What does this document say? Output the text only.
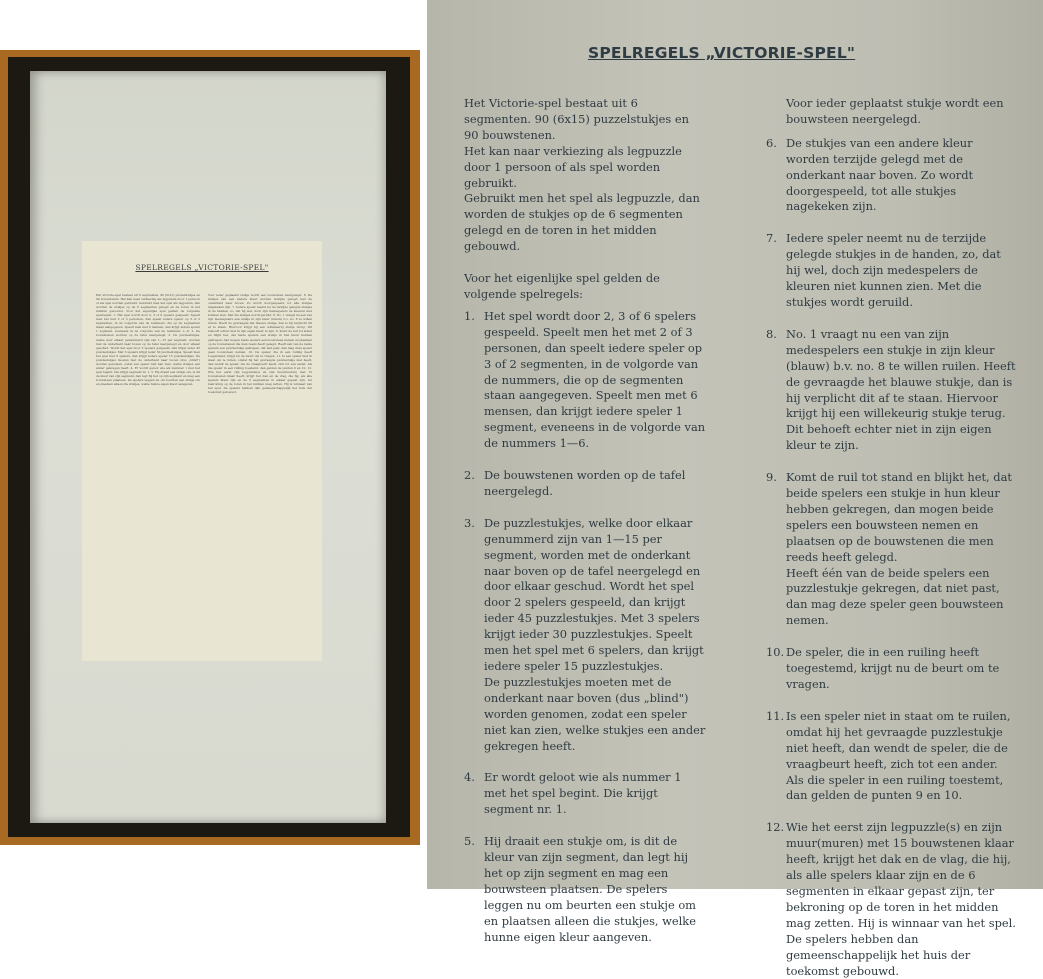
SPELREGELS „VICTORIE-SPEL"
Het Victorie-spel bestaat uit 6 segmenten, 90 (6x15) puzzelstukjes en 90 bouwstenen. Het kan naar verkiezing als legpuzzle door 1 persoon of als spel worden gebruikt. Gebruikt men het spel als legpuzzle, dan worden de stukjes op de 6 segmenten gelegd en de toren in het midden gebouwd. Voor het eigenlijke spel gelden de volgende spelregels: 1. Het spel wordt door 2, 3 of 6 spelers gespeeld. Speelt men het met 2 of 3 personen, dan speelt iedere speler op 3 of 2 segmenten, in de volgorde van de nummers, die op de segmenten staan aangegeven. Speelt men met 6 mensen, dan krijgt iedere speler 1 segment, eveneens in de volgorde van de nummers 1—6. 2. De bouwstenen worden op de tafel neergelegd. 3. De puzzlestukjes, welke door elkaar genummerd zijn van 1—15 per segment, worden met de onderkant naar boven op de tafel neergelegd en door elkaar geschud. Wordt het spel door 2 spelers gespeeld, dan krijgt ieder 45 puzzlestukjes. Met 3 spelers krijgt ieder 30 puzzlestukjes. Speelt men het spel met 6 spelers, dan krijgt iedere speler 15 puzzlestukjes. De puzzlestukjes moeten met de onderkant naar boven (dus „blind") worden genomen, zodat een speler niet kan zien, welke stukjes een ander gekregen heeft. 4. Er wordt geloot wie als nummer 1 met het spel begint. Die krijgt segment nr. 1. 5. Hij draait een stukje om, is dit de kleur van zijn segment, dan legt hij het op zijn segment en mag een bouwsteen plaatsen. De spelers leggen nu om beurten een stukje om en plaatsen alleen die stukjes, welke hunne eigen kleur aangeven.
Voor ieder geplaatst stukje wordt een bouwsteen neergelegd. 6. De stukjes van een andere kleur worden terzijde gelegd met de onderkant naar boven. Zo wordt doorgespeeld, tot alle stukjes nagekeken zijn. 7. Iedere speler neemt nu de terzijde gelegde stukjes in de handen, zo, dat hij wel, doch zijn medespelers de kleuren niet kunnen zien. Met die stukjes wordt geruild. 8. No. 1 vraagt nu een van zijn medespelers een stukje in zijn kleur (blauw) b.v. no. 8 te willen ruilen. Heeft de gevraagde het blauwe stukje, dan is hij verplicht dit af te staan. Hiervoor krijgt hij een willekeurig stukje terug. Dit behoeft echter niet in zijn eigen kleur te zijn. 9. Komt de ruil tot stand en blijkt het, dat beide spelers een stukje in hun kleur hebben gekregen, dan mogen beide spelers een bouwsteen nemen en plaatsen op de bouwstenen die men reeds heeft gelegd. Heeft één van de beide spelers een puzzlestukje gekregen, dat niet past, dan mag deze speler geen bouwsteen nemen. 10. De speler, die in een ruiling heeft toegestemd, krijgt nu de beurt om te vragen. 11. Is een speler niet in staat om te ruilen, omdat hij het gevraagde puzzlestukje niet heeft, dan wendt de speler, die de vraagbeurt heeft, zich tot een ander. Als die speler in een ruiling toestemt, dan gelden de punten 9 en 10. 12. Wie het eerst zijn legpuzzle(s) en zijn muur(muren) met 15 bouwstenen klaar heeft, krijgt het dak en de vlag, die hij, als alle spelers klaar zijn en de 6 segmenten in elkaar gepast zijn, ter bekroning op de toren in het midden mag zetten. Hij is winnaar van het spel. De spelers hebben dan gemeenschappelijk het huis der toekomst gebouwd.
SPELREGELS „VICTORIE-SPEL"

Het Victorie-spel bestaat uit 6 segmenten. 90 (6x15) puzzelstukjes en 90 bouwstenen.

Het kan naar verkiezing als legpuzzle door 1 persoon of als spel worden gebruikt.

Gebruikt men het spel als legpuzzle, dan worden de stukjes op de 6 segmenten gelegd en de toren in het midden gebouwd.

Voor het eigenlijke spel gelden de volgende spelregels:

1. Het spel wordt door 2, 3 of 6 spelers gespeeld. Speelt men het met 2 of 3 personen, dan speelt iedere speler op 3 of 2 segmenten, in de volgorde van de nummers, die op de segmenten staan aangegeven. Speelt men met 6 mensen, dan krijgt iedere speler 1 segment, eveneens in de volgorde van de nummers 1—6.

2. De bouwstenen worden op de tafel neergelegd.

3. De puzzlestukjes, welke door elkaar genummerd zijn van 1—15 per segment, worden met de onderkant naar boven op de tafel neergelegd en door elkaar geschud. Wordt het spel door 2 spelers gespeeld, dan krijgt ieder 45 puzzlestukjes. Met 3 spelers krijgt ieder 30 puzzlestukjes. Speelt men het spel met 6 spelers, dan krijgt iedere speler 15 puzzlestukjes.

De puzzlestukjes moeten met de onderkant naar boven (dus „blind") worden genomen, zodat een speler niet kan zien, welke stukjes een ander gekregen heeft.

4. Er wordt geloot wie als nummer 1 met het spel begint. Die krijgt segment nr. 1.

5. Hij draait een stukje om, is dit de kleur van zijn segment, dan legt hij het op zijn segment en mag een bouwsteen plaatsen. De spelers leggen nu om beurten een stukje om en plaatsen alleen die stukjes, welke hunne eigen kleur aangeven.

Voor ieder geplaatst stukje wordt een bouwsteen neergelegd.

6. De stukjes van een andere kleur worden terzijde gelegd met de onderkant naar boven. Zo wordt doorgespeeld, tot alle stukjes nagekeken zijn.

7. Iedere speler neemt nu de terzijde gelegde stukjes in de handen, zo, dat hij wel, doch zijn medespelers de kleuren niet kunnen zien. Met die stukjes wordt geruild.

8. No. 1 vraagt nu een van zijn medespelers een stukje in zijn kleur (blauw) b.v. no. 8 te willen ruilen. Heeft de gevraagde het blauwe stukje, dan is hij verplicht dit af te staan. Hiervoor krijgt hij een willekeurig stukje terug. Dit behoeft echter niet in zijn eigen kleur te zijn.

9. Komt de ruil tot stand en blijkt het, dat beide spelers een stukje in hun kleur hebben gekregen, dan mogen beide spelers een bouwsteen nemen en plaatsen op de bouwstenen die men reeds heeft gelegd.

Heeft één van de beide spelers een puzzlestukje gekregen, dat niet past, dan mag deze speler geen bouwsteen nemen.

10. De speler, die in een ruiling heeft toegestemd, krijgt nu de beurt om te vragen.

11. Is een speler niet in staat om te ruilen, omdat hij het gevraagde puzzlestukje niet heeft, dan wendt de speler, die de vraagbeurt heeft, zich tot een ander. Als die speler in een ruiling toestemt, dan gelden de punten 9 en 10.

12. Wie het eerst zijn legpuzzle(s) en zijn muur(muren) met 15 bouwstenen klaar heeft, krijgt het dak en de vlag, die hij, als alle spelers klaar zijn en de 6 segmenten in elkaar gepast zijn, ter bekroning op de toren in het midden mag zetten. Hij is winnaar van het spel. De spelers hebben dan gemeenschappelijk het huis der toekomst gebouwd.
